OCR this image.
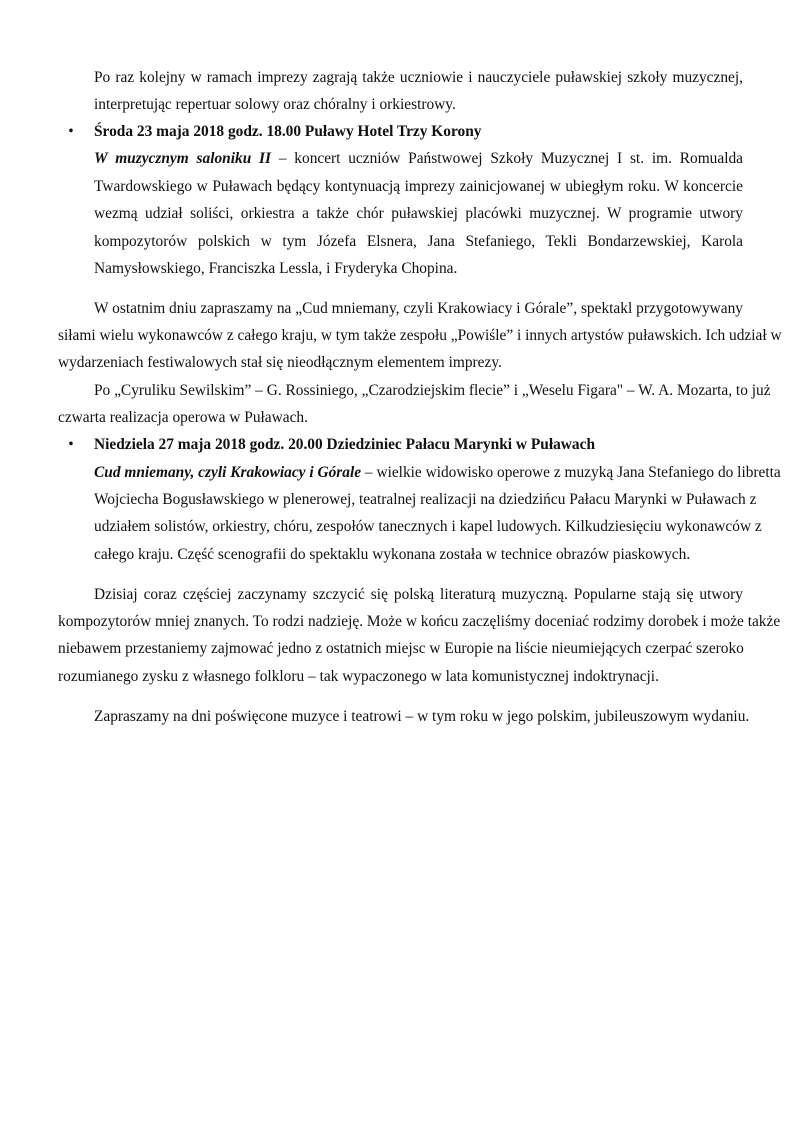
Po raz kolejny w ramach imprezy zagrają także uczniowie i nauczyciele puławskiej szkoły muzycznej,
interpretując repertuar solowy oraz chóralny i orkiestrowy.
• Środa 23 maja 2018 godz. 18.00 Puławy Hotel Trzy Korony
W muzycznym saloniku II – koncert uczniów Państwowej Szkoły Muzycznej I st. im. Romualda
Twardowskiego w Puławach będący kontynuacją imprezy zainicjowanej w ubiegłym roku. W koncercie
wezmą udział soliści, orkiestra a także chór puławskiej placówki muzycznej. W programie utwory
kompozytorów polskich w tym Józefa Elsnera, Jana Stefaniego, Tekli Bondarzewskiej, Karola
Namysłowskiego, Franciszka Lessla, i Fryderyka Chopina.
W ostatnim dniu zapraszamy na „Cud mniemany, czyli Krakowiacy i Górale”, spektakl przygotowywany
siłami wielu wykonawców z całego kraju, w tym także zespołu „Powiśle” i innych artystów puławskich. Ich udział w
wydarzeniach festiwalowych stał się nieodłącznym elementem imprezy.
Po „Cyruliku Sewilskim” – G. Rossiniego, „Czarodziejskim flecie” i „Weselu Figara" – W. A. Mozarta, to już
czwarta realizacja operowa w Puławach.
• Niedziela 27 maja 2018 godz. 20.00 Dziedziniec Pałacu Marynki w Puławach
Cud mniemany, czyli Krakowiacy i Górale – wielkie widowisko operowe z muzyką Jana Stefaniego do libretta
Wojciecha Bogusławskiego w plenerowej, teatralnej realizacji na dziedzińcu Pałacu Marynki w Puławach z
udziałem solistów, orkiestry, chóru, zespołów tanecznych i kapel ludowych. Kilkudziesięciu wykonawców z
całego kraju. Część scenografii do spektaklu wykonana została w technice obrazów piaskowych.
Dzisiaj coraz częściej zaczynamy szczycić się polską literaturą muzyczną. Popularne stają się utwory
kompozytorów mniej znanych. To rodzi nadzieję. Może w końcu zaczęliśmy doceniać rodzimy dorobek i może także
niebawem przestaniemy zajmować jedno z ostatnich miejsc w Europie na liście nieumiejących czerpać szeroko
rozumianego zysku z własnego folkloru – tak wypaczonego w lata komunistycznej indoktrynacji.
Zapraszamy na dni poświęcone muzyce i teatrowi – w tym roku w jego polskim, jubileuszowym wydaniu.
